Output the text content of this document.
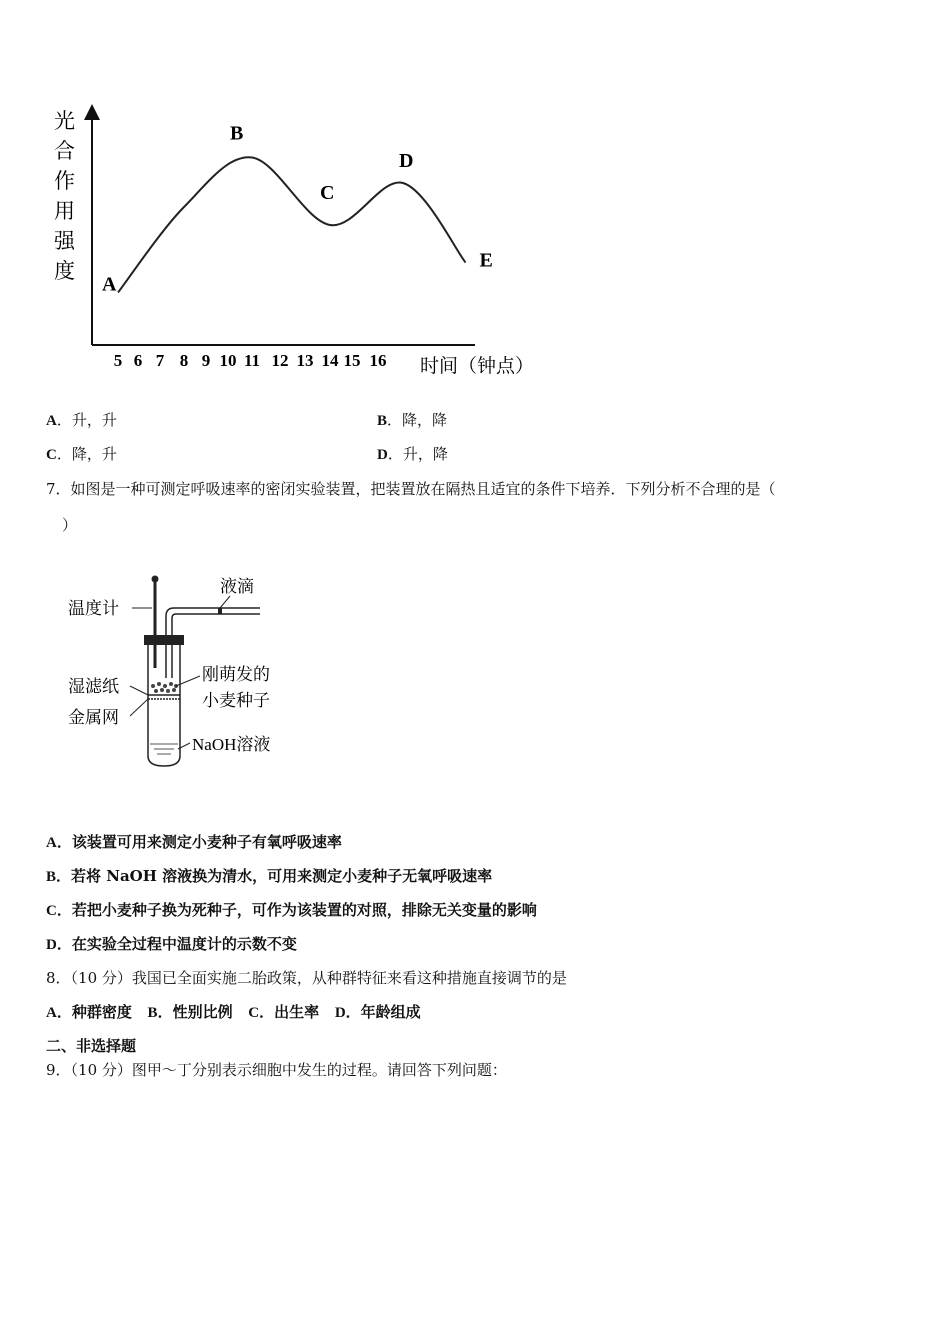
光合作用强度
5 6 7 8 9 10 11 12 13 14 15 16
A
B
C
D
E
时间（钟点）
A．升，升	B．降，降
C．降，升	D．升，降
7．如图是一种可测定呼吸速率的密闭实验装置，把装置放在隔热且适宜的条件下培养．下列分析不合理的是（
）
温度计
液滴
湿滤纸
金属网
刚萌发的
小麦种子
NaOH溶液
A．该装置可用来测定小麦种子有氧呼吸速率
B．若将 NaOH 溶液换为清水，可用来测定小麦种子无氧呼吸速率
C．若把小麦种子换为死种子，可作为该装置的对照，排除无关变量的影响
D．在实验全过程中温度计的示数不变
8．（10 分）我国已全面实施二胎政策，从种群特征来看这种措施直接调节的是
A．种群密度 B．性别比例 C．出生率 D．年龄组成
二、非选择题
9．（10 分）图甲～丁分别表示细胞中发生的过程。请回答下列问题：
